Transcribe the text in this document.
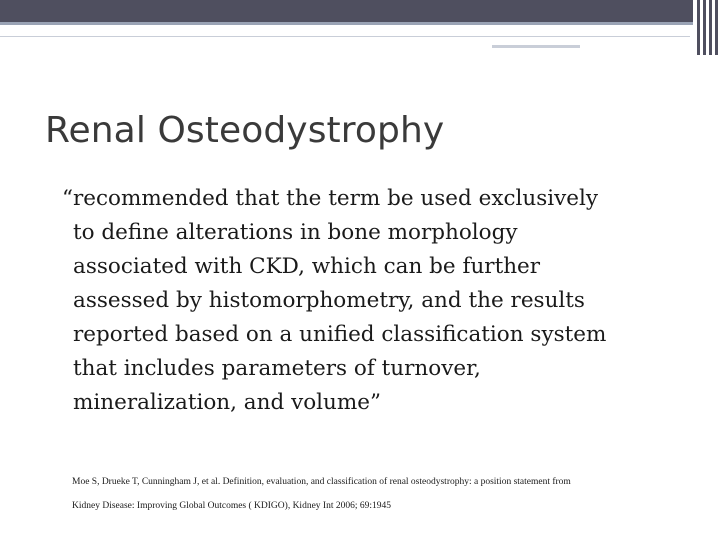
Renal Osteodystrophy

“recommended that the term be used exclusively
to define alterations in bone morphology
associated with CKD, which can be further
assessed by histomorphometry, and the results
reported based on a unified classification system
that includes parameters of turnover,
mineralization, and volume”

Moe S, Drueke T, Cunningham J, et al. Definition, evaluation, and classification of renal osteodystrophy: a position statement from
Kidney Disease: Improving Global Outcomes ( KDIGO), Kidney Int 2006; 69:1945
